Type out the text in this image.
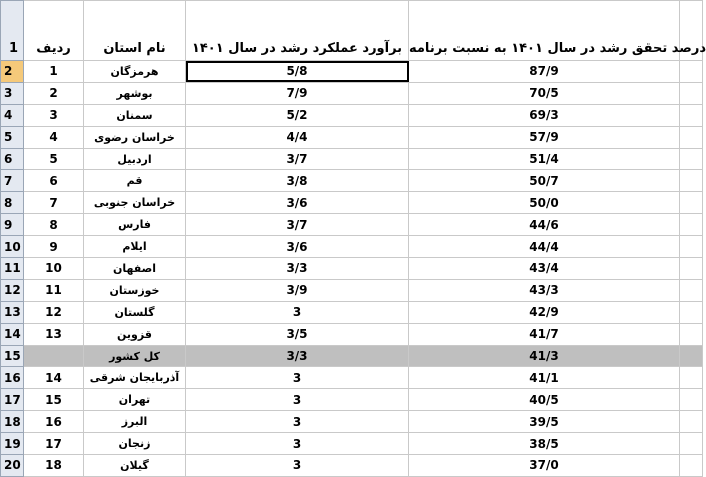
1	ردیف	نام استان	برآورد عملکرد رشد در سال ۱۴۰۱	درصد تحقق رشد در سال ۱۴۰۱ به نسبت برنامه	
2	1	هرمزگان	5/8	87/9	
3	2	بوشهر	7/9	70/5	
4	3	سمنان	5/2	69/3	
5	4	خراسان رضوی	4/4	57/9	
6	5	اردبیل	3/7	51/4	
7	6	قم	3/8	50/7	
8	7	خراسان جنوبی	3/6	50/0	
9	8	فارس	3/7	44/6	
10	9	ایلام	3/6	44/4	
11	10	اصفهان	3/3	43/4	
12	11	خوزستان	3/9	43/3	
13	12	گلستان	3	42/9	
14	13	قزوین	3/5	41/7	
15		کل کشور	3/3	41/3	
16	14	آذربایجان شرقی	3	41/1	
17	15	تهران	3	40/5	
18	16	البرز	3	39/5	
19	17	زنجان	3	38/5	
20	18	گیلان	3	37/0	
